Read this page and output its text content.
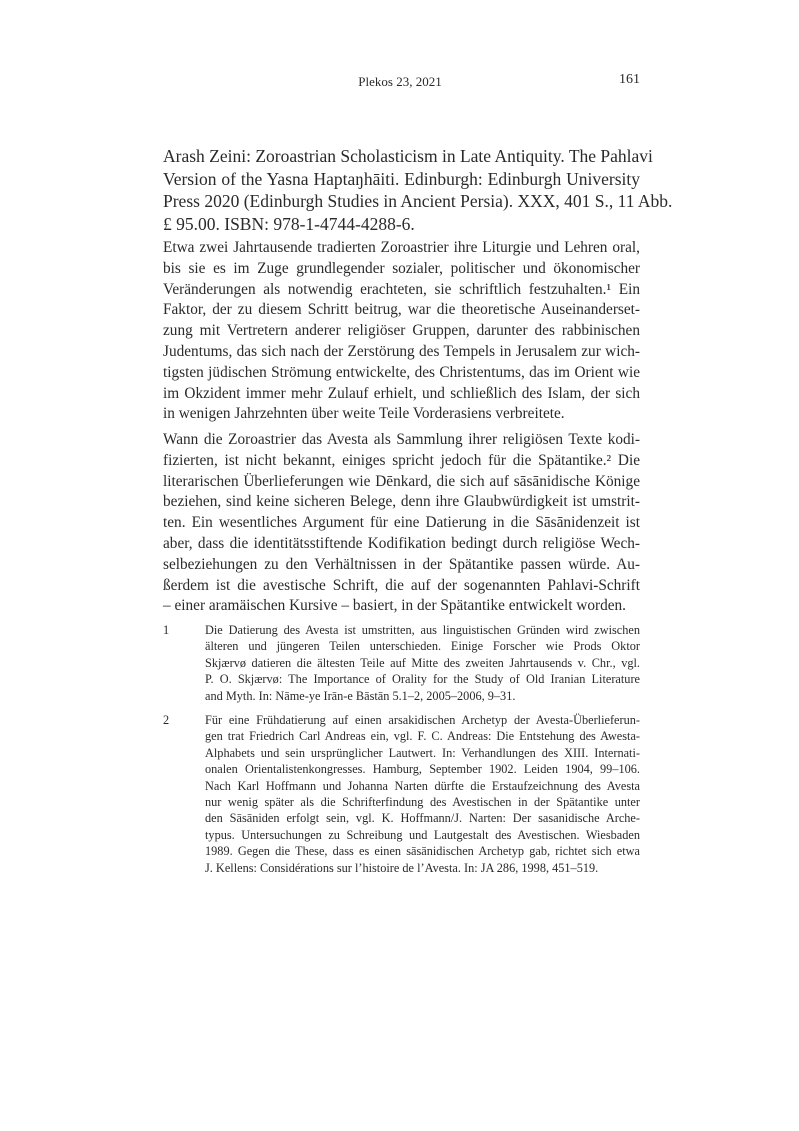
Plekos 23, 2021	161
Arash Zeini: Zoroastrian Scholasticism in Late Antiquity. The Pahlavi
Version of the Yasna Haptaŋhāiti. Edinburgh: Edinburgh University
Press 2020 (Edinburgh Studies in Ancient Persia). XXX, 401 S., 11 Abb.
£ 95.00. ISBN: 978-1-4744-4288-6.
Etwa zwei Jahrtausende tradierten Zoroastrier ihre Liturgie und Lehren oral,
bis sie es im Zuge grundlegender sozialer, politischer und ökonomischer
Veränderungen als notwendig erachteten, sie schriftlich festzuhalten.¹ Ein
Faktor, der zu diesem Schritt beitrug, war die theoretische Auseinanderset-
zung mit Vertretern anderer religiöser Gruppen, darunter des rabbinischen
Judentums, das sich nach der Zerstörung des Tempels in Jerusalem zur wich-
tigsten jüdischen Strömung entwickelte, des Christentums, das im Orient wie
im Okzident immer mehr Zulauf erhielt, und schließlich des Islam, der sich
in wenigen Jahrzehnten über weite Teile Vorderasiens verbreitete.
Wann die Zoroastrier das Avesta als Sammlung ihrer religiösen Texte kodi-
fizierten, ist nicht bekannt, einiges spricht jedoch für die Spätantike.² Die
literarischen Überlieferungen wie Dēnkard, die sich auf sāsānidische Könige
beziehen, sind keine sicheren Belege, denn ihre Glaubwürdigkeit ist umstrit-
ten. Ein wesentliches Argument für eine Datierung in die Sāsānidenzeit ist
aber, dass die identitätsstiftende Kodifikation bedingt durch religiöse Wech-
selbeziehungen zu den Verhältnissen in der Spätantike passen würde. Au-
ßerdem ist die avestische Schrift, die auf der sogenannten Pahlavi-Schrift
– einer aramäischen Kursive – basiert, in der Spätantike entwickelt worden.
1	Die Datierung des Avesta ist umstritten, aus linguistischen Gründen wird zwischen
älteren und jüngeren Teilen unterschieden. Einige Forscher wie Prods Oktor
Skjærvø datieren die ältesten Teile auf Mitte des zweiten Jahrtausends v. Chr., vgl.
P. O. Skjærvø: The Importance of Orality for the Study of Old Iranian Literature
and Myth. In: Nāme-ye Irān-e Bāstān 5.1–2, 2005–2006, 9–31.
2	Für eine Frühdatierung auf einen arsakidischen Archetyp der Avesta-Überlieferun-
gen trat Friedrich Carl Andreas ein, vgl. F. C. Andreas: Die Entstehung des Awesta-
Alphabets und sein ursprünglicher Lautwert. In: Verhandlungen des XIII. Internati-
onalen Orientalistenkongresses. Hamburg, September 1902. Leiden 1904, 99–106.
Nach Karl Hoffmann und Johanna Narten dürfte die Erstaufzeichnung des Avesta
nur wenig später als die Schrifterfindung des Avestischen in der Spätantike unter
den Sāsāniden erfolgt sein, vgl. K. Hoffmann/J. Narten: Der sasanidische Arche-
typus. Untersuchungen zu Schreibung und Lautgestalt des Avestischen. Wiesbaden
1989. Gegen die These, dass es einen sāsānidischen Archetyp gab, richtet sich etwa
J. Kellens: Considérations sur l’histoire de l’Avesta. In: JA 286, 1998, 451–519.
